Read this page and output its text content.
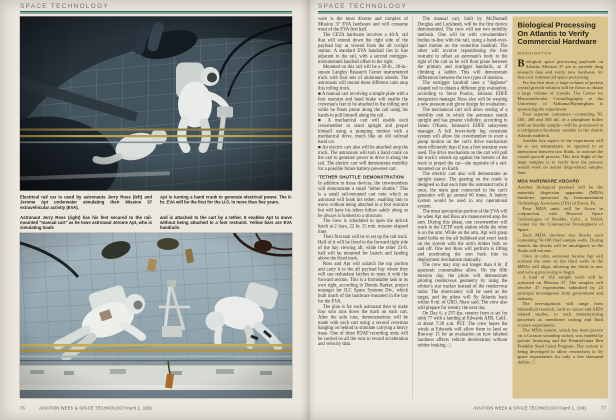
SPACE TECHNOLOGY

Electrical rail car is used by astronauts Jerry Ross (left) and Jerome Apt underwater simulating their Mission 37 extravehicular activity (EVA).

Apt is turning a hand crank to generate electrical power. The 6-hr. EVA will be the first for the U.S. in more than five years.

Astronaut Jerry Ross (right) has his feet secured to the rail-mounted "manual cart" as he tows astronaut Jerome Apt, who is simulating loads

and is attached to the cart by a tether. It enables Apt to move without being attached to a foot restraint. Yellow bars are EVA handrails.

76 AVIATION WEEK & SPACE TECHNOLOGY/April 1, 1991
SPACE TECHNOLOGY

ware is the most diverse and complex of Mission 37 EVA hardware and will consume most of the EVA first half.

The CETA hardware involves a 46-ft. rail that will extend down the right side of the payload bay as viewed from the aft cockpit station. A standard EVA handrail lies in line adjacent to the rail, with a second outrigger-instrumented handrail offset to the right.

Mounted on this rail will be a 50-lb., 20-in.-square Langley Research Center instrumented truck with four sets of aluminum wheels. The astronauts will mount these different carts atop this rolling truck.

■ A manual cart involving a simple plate with a foot restraint and hand brake will enable the crewman's feet to be attached to the rolling unit while he floats prone along the rail using his hands to pull himself along the rail.

■ A mechanical cart will enable each crewmember to stand upright and propel himself using a pumping motion with a mechanical drive, much like an old railroad hand car.

■ An electric cart also will be attached atop the truck. The astronauts will turn a hand crank on the cart to generate power to drive it along the rail. The electric cart will demonstrate mobility for a possible future battery-powered cart.

'TETHER SHUTTLE' DEMONSTRATION

In addition to those devices, the crewmembers will demonstrate a small "tether shuttle." This is a small rail-mounted cart onto which an astronaut will hook his tether, enabling him to move without being attached to a foot restraint but will have his tether follow safely along so he always is hooked to a structure.

The crew is scheduled to open the airlock hatch at 2 days, 22 hr. 15 min. mission elapsed time.

Their first task will be to set up the rail track. Half of it will be fixed in the forward right side of the bay viewing aft, while the other 23-ft. half will be mounted for launch and landing above the fixed track.

Ross and Apt will unlatch the top portion and carry it to the aft payload bay where they will use redundant latches to mate it with the forward section. This is a formidable task in its own right, according to Dennis Barker, project manager for ILC Space Systems Div., which built much of the hardware mounted in the bay for the EVA.

The plan is for each astronaut then to make four solo runs down the track on each cart. After the solo runs, demonstrations will be made with each cart using a second crewman hanging on behind to simulate carrying a heavy mass. One of three PDAP recording units will be carried on all the runs to record acceleration and velocity data.

The manual cart, built by McDonnell Douglas and Lockheed, will be the first device demonstrated. The crew will use two mobility methods. One will be with crewmembers' bodies in-line with the rail, using a hand-over-hand motion on the centerline handrail. The other will involve repositioning the foot restraint to offset an astronaut's body to the right of the cart so he will float prone between the primary and outrigger handrails, as if climbing a ladder. This will demonstrate differences between the two types of motions.

The outrigger handrail uses a "dogbone" shaped rail to obtain a different grip evaluation, according to Steve Poulos, Johnson EDFE integration manager. Ross also will be wearing a new pressure suit glove design for evaluation.

The mechanical cart will allow testing of a mobility unit in which the astronaut stands upright and has greater visibility, according to James O'Kane, Johnson's EDFE subsystem manager. A full lower-body leg constraint system will allow the crewmember to exert a pump motion on the cart's drive mechanism more efficiently than if just a foot restraint were used. The drive mechanism on the cart will pull the truck's wheels up against the bottom of the track to propel the car—the opposite of a rail-mounted car on Earth.

The electric cart also will demonstrate an upright stance. The gearing on the crank is designed so that each time the astronaut turns it once, the main gear connected to the cart's generator will go around 60 times. A battery system would be used in any operational system.

The most spectacular portion of the EVA will be when Apt and Ross are maneuvered atop the arm. During this phase, one crewmember will work in the CETP work station while the other is on the arm. While on the arm, Apt will grasp hand holds on the aft bulkhead and exert loads on the system with the arm's brakes both on and off. One test Ross will perform is lifting and positioning the arm back into its deployment mechanism manually.

The crew may stay out longer than 6 hr. if spacesuit consumables allow. On the fifth mission day, the pilots will demonstrate piloting rendezvous geometry by using the orbiter's star tracker instead of the rendezvous radar. The observatory will be used as the target, and the pilots will fly Atlantis back within 8 mi. of GRO, Shaw said. The crew also will prepare for reentry the next day.

On Day 6, a 297-fps. reentry burn is set for orbit 77 with a landing at Edwards AFB, Calif., at about 7:30 a.m. PST. The crew hopes the winds at Edwards will allow them to land on Runway 15 for an evaluation on how lakebed hardness affects vehicle deceleration without orbiter braking. □

Biological Processing On Atlantis to Verify Commercial Hardware
WASHINGTON

Biological space processing payloads on Atlantis Mission 37 are to provide drug research data and verify new hardware for low-cost commercial space processing.

For the first time, a large volume of protein crystal growth solution will be flown to obtain a large volume of crystals. The Center for Macromolecular Crystallography at the University of Alabama/Birmingham is sponsoring the experiment.

Four separate containers—containing 50, 100, 200 and 500 ml. of a phosphate buffer with an insulin sample—will be positioned in a refrigerator/incubator module in the shuttle Atlantis middeck.

Another key aspect of the experiment will be to use temperature, as opposed to an interaction between two fluids, to activate the crystal growth process. This first flight of the large samples is to verify how the process would work on actual drug-related samples later.

MDA HARDWARE ABOARD

Another biological payload will be the materials dispersion apparatus (MDA) hardware sponsored by Instrumentation Technology Associates (ITA) of Exton, Pa.

Four MDA units will be flown in conjunction with Bioserve Space Technologies of Boulder, Colo., a NASA Center for the Commercial Development of Space.

Each MDA involves two blocks each containing 50-100 fluid sample wells. During launch, the blocks will be misaligned, so the fluids will not mix.

Once in orbit, astronaut Jerome Apt will activate the units so the fluid wells in the MDAs will align, allowing the fluids to mix and zero-g processing to begin.

A total of 182 sample wells will be activated on Mission 37. The samples will involve 47 experiments submitted by 22 principal investigators from government and industry.

The investigations will range from biomedical research, such as cancer and AIDS related studies, to such manufacturing processes as membrane casting and fluid science experiments.

The MDA system, which has been proven on a Consort sounding rocket, was funded by private financing and the Pennsylvania Ben Franklin Seed Grant Program. The system is being developed to allow researchers to fly space experiments for only a few thousand dollars. □

AVIATION WEEK & SPACE TECHNOLOGY/April 1, 1991 77
